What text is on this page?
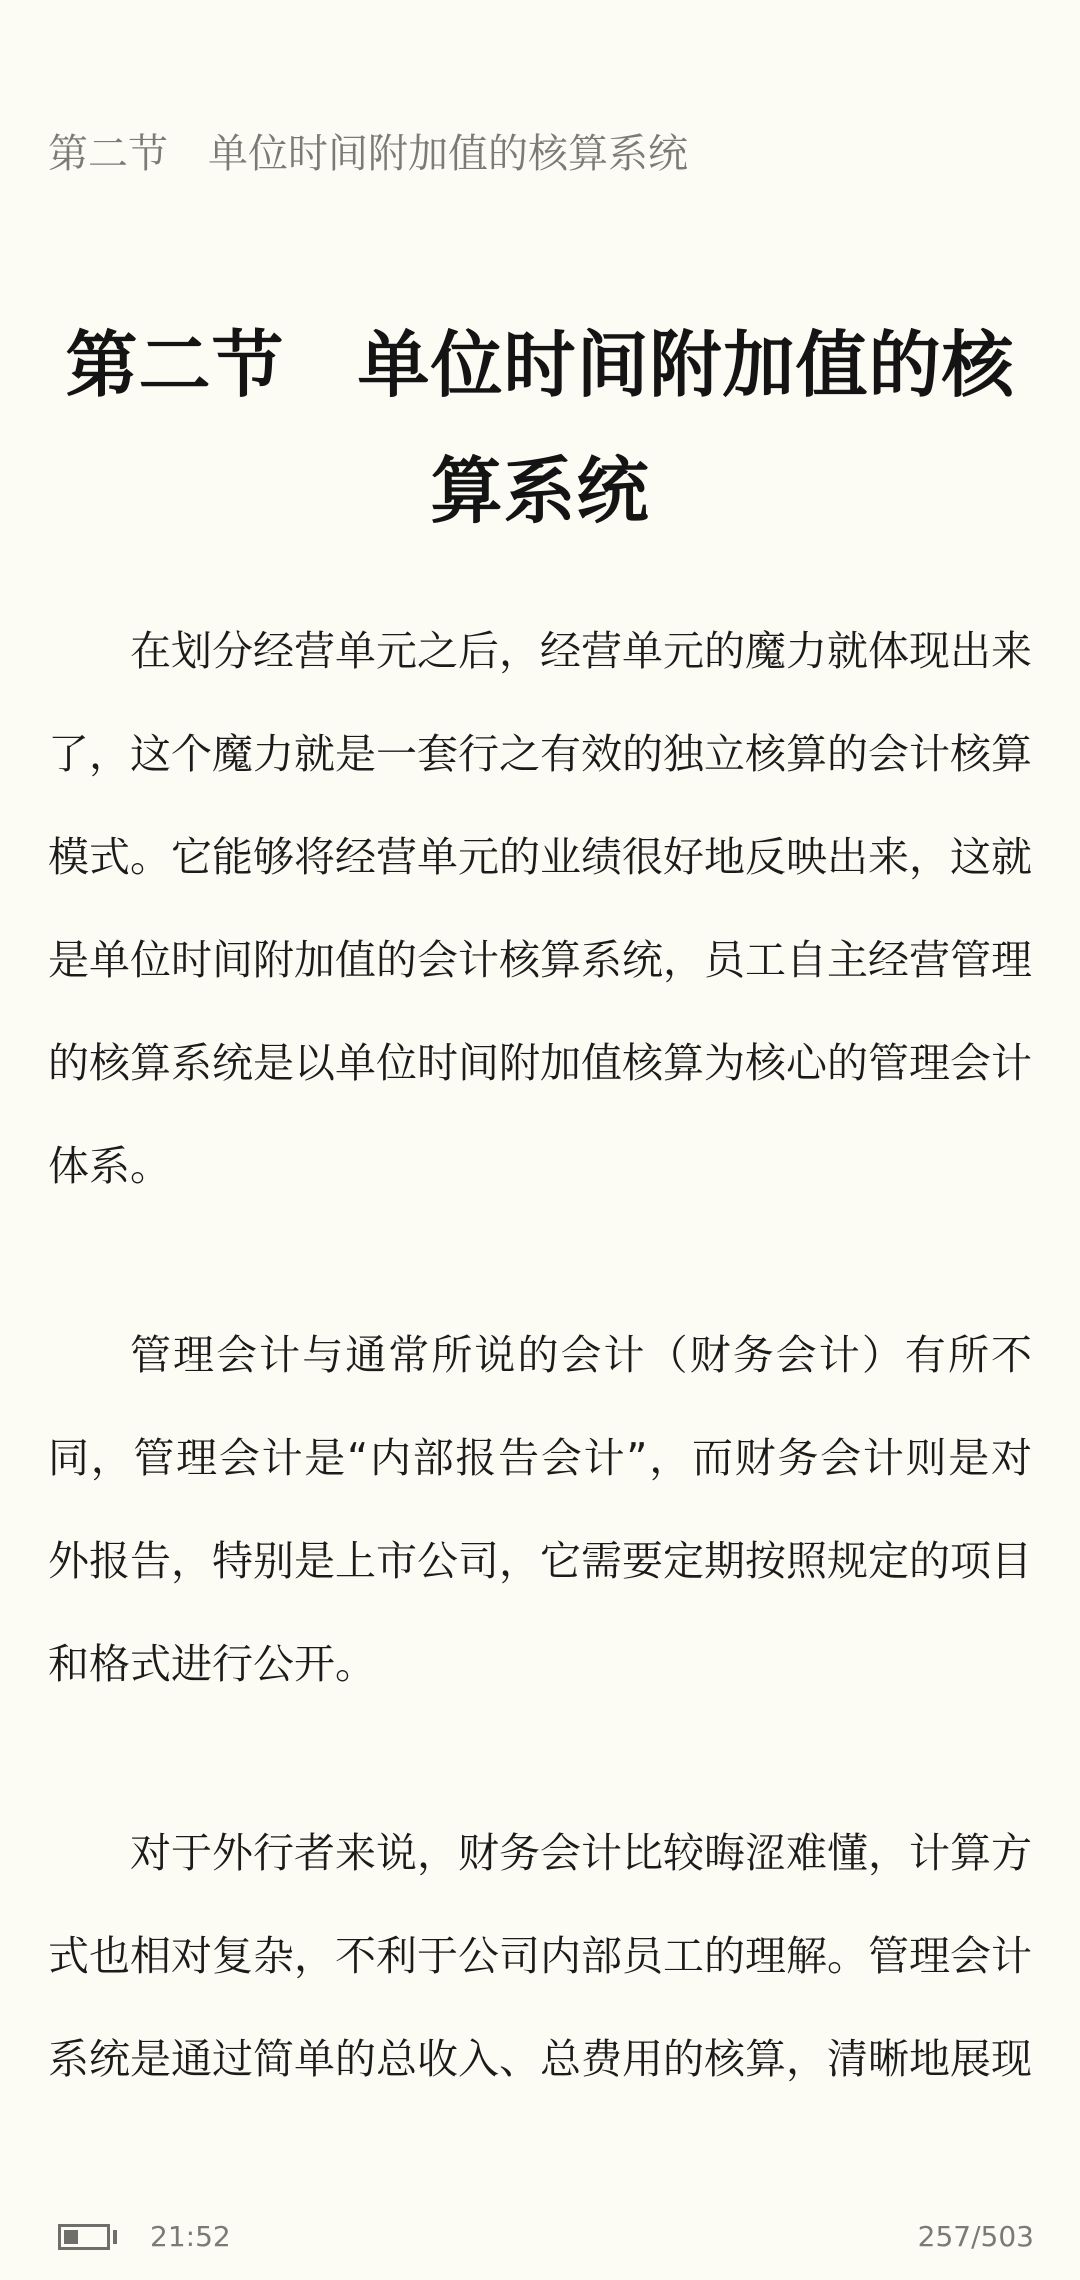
第二节　单位时间附加值的核算系统
第二节　单位时间附加值的核算系统

在划分经营单元之后，经营单元的魔力就体现出来了，这个魔力就是一套行之有效的独立核算的会计核算模式。它能够将经营单元的业绩很好地反映出来，这就是单位时间附加值的会计核算系统，员工自主经营管理的核算系统是以单位时间附加值核算为核心的管理会计体系。

管理会计与通常所说的会计（财务会计）有所不同，管理会计是“内部报告会计”，而财务会计则是对外报告，特别是上市公司，它需要定期按照规定的项目和格式进行公开。

对于外行者来说，财务会计比较晦涩难懂，计算方式也相对复杂，不利于公司内部员工的理解。管理会计系统是通过简单的总收入、总费用的核算，清晰地展现

21:52	257/503
